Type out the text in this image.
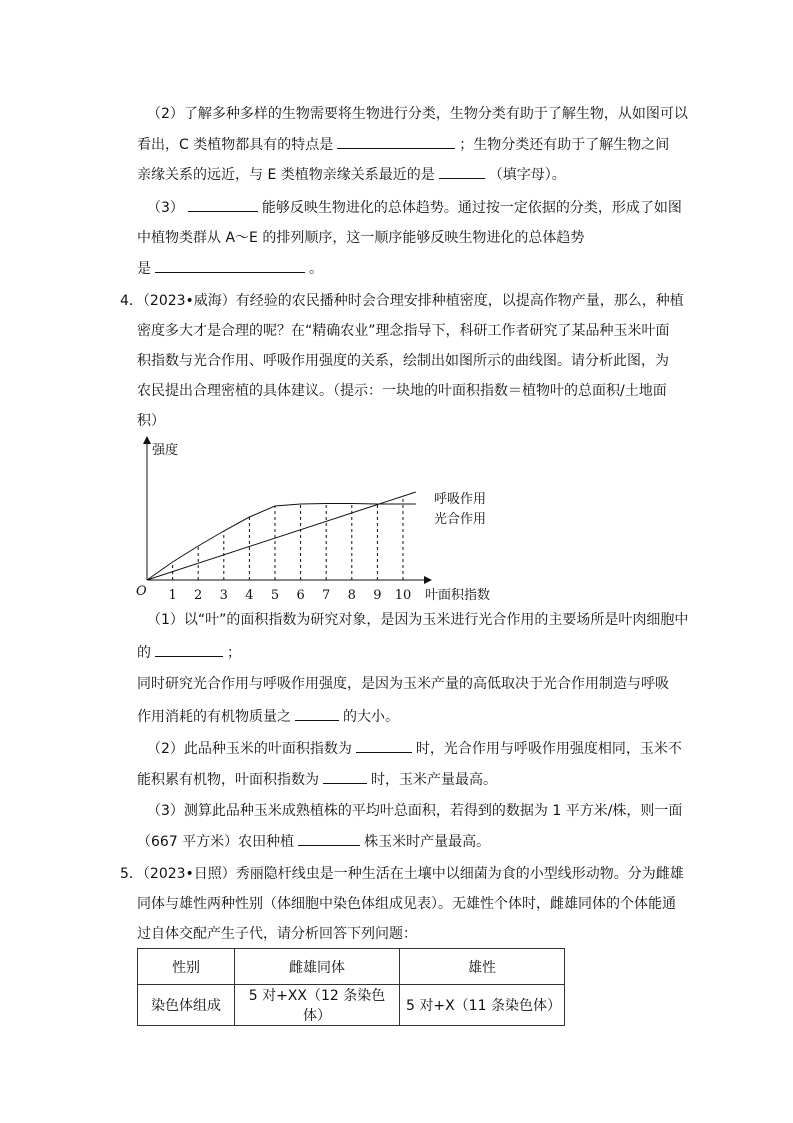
（2）了解多种多样的生物需要将生物进行分类，生物分类有助于了解生物，从如图可以
看出，C 类植物都具有的特点是	；生物分类还有助于了解生物之间
亲缘关系的远近，与 E 类植物亲缘关系最近的是	（填字母）。
（3）	能够反映生物进化的总体趋势。通过按一定依据的分类，形成了如图
中植物类群从 A～E 的排列顺序，这一顺序能够反映生物进化的总体趋势
是	。
4．（2023•威海）有经验的农民播种时会合理安排种植密度，以提高作物产量，那么，种植
密度多大才是合理的呢？在“精确农业”理念指导下，科研工作者研究了某品种玉米叶面
积指数与光合作用、呼吸作用强度的关系，绘制出如图所示的曲线图。请分析此图，为
农民提出合理密植的具体建议。（提示：一块地的叶面积指数＝植物叶的总面积/土地面
积）
强度
O	叶面积指数
1 2 3 4 5 6 7 8 9 10
呼吸作用
光合作用
（1）以“叶”的面积指数为研究对象，是因为玉米进行光合作用的主要场所是叶肉细胞中
的	；
同时研究光合作用与呼吸作用强度，是因为玉米产量的高低取决于光合作用制造与呼吸
作用消耗的有机物质量之	的大小。
（2）此品种玉米的叶面积指数为	时，光合作用与呼吸作用强度相同，玉米不
能积累有机物，叶面积指数为	时，玉米产量最高。
（3）测算此品种玉米成熟植株的平均叶总面积，若得到的数据为 1 平方米/株，则一面
（667 平方米）农田种植	株玉米时产量最高。
5．（2023•日照）秀丽隐杆线虫是一种生活在土壤中以细菌为食的小型线形动物。分为雌雄
同体与雄性两种性别（体细胞中染色体组成见表）。无雄性个体时，雌雄同体的个体能通
过自体交配产生子代，请分析回答下列问题：
性别	雌雄同体	雄性
染色体组成	5 对+XX（12 条染色体）	5 对+X（11 条染色体）
